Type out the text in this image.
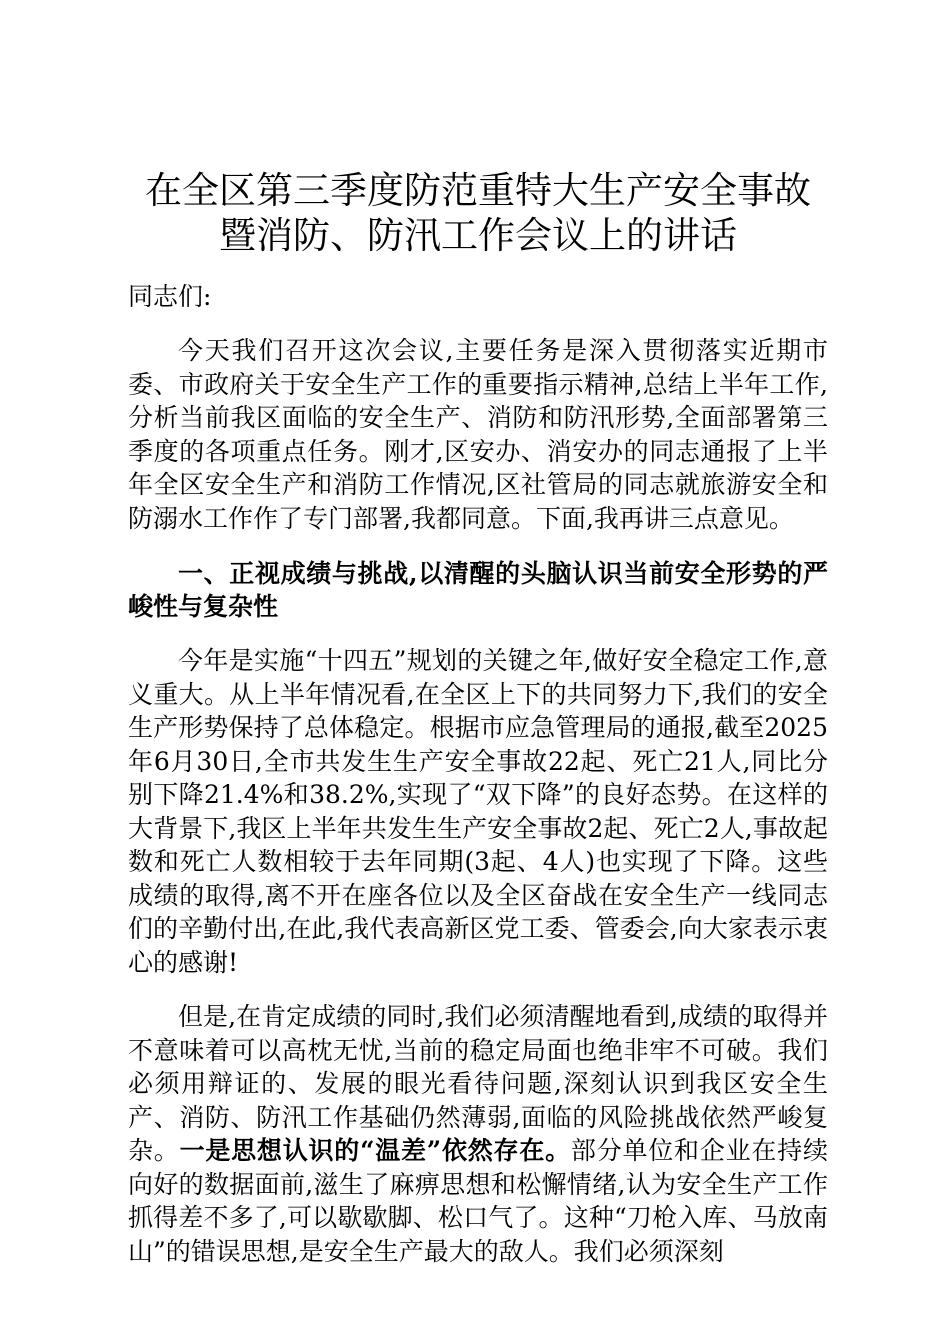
在全区第三季度防范重特大生产安全事故暨消防、防汛工作会议上的讲话

同志们:

今天我们召开这次会议,主要任务是深入贯彻落实近期市委、市政府关于安全生产工作的重要指示精神,总结上半年工作,分析当前我区面临的安全生产、消防和防汛形势,全面部署第三季度的各项重点任务。刚才,区安办、消安办的同志通报了上半年全区安全生产和消防工作情况,区社管局的同志就旅游安全和防溺水工作作了专门部署,我都同意。下面,我再讲三点意见。

一、正视成绩与挑战,以清醒的头脑认识当前安全形势的严峻性与复杂性

今年是实施“十四五”规划的关键之年,做好安全稳定工作,意义重大。从上半年情况看,在全区上下的共同努力下,我们的安全生产形势保持了总体稳定。根据市应急管理局的通报,截至2025年6月30日,全市共发生生产安全事故22起、死亡21人,同比分别下降21.4%和38.2%,实现了“双下降”的良好态势。在这样的大背景下,我区上半年共发生生产安全事故2起、死亡2人,事故起数和死亡人数相较于去年同期(3起、4人)也实现了下降。这些成绩的取得,离不开在座各位以及全区奋战在安全生产一线同志们的辛勤付出,在此,我代表高新区党工委、管委会,向大家表示衷心的感谢!

但是,在肯定成绩的同时,我们必须清醒地看到,成绩的取得并不意味着可以高枕无忧,当前的稳定局面也绝非牢不可破。我们必须用辩证的、发展的眼光看待问题,深刻认识到我区安全生产、消防、防汛工作基础仍然薄弱,面临的风险挑战依然严峻复杂。一是思想认识的“温差”依然存在。部分单位和企业在持续向好的数据面前,滋生了麻痹思想和松懈情绪,认为安全生产工作抓得差不多了,可以歇歇脚、松口气了。这种“刀枪入库、马放南山”的错误思想,是安全生产最大的敌人。我们必须深刻
